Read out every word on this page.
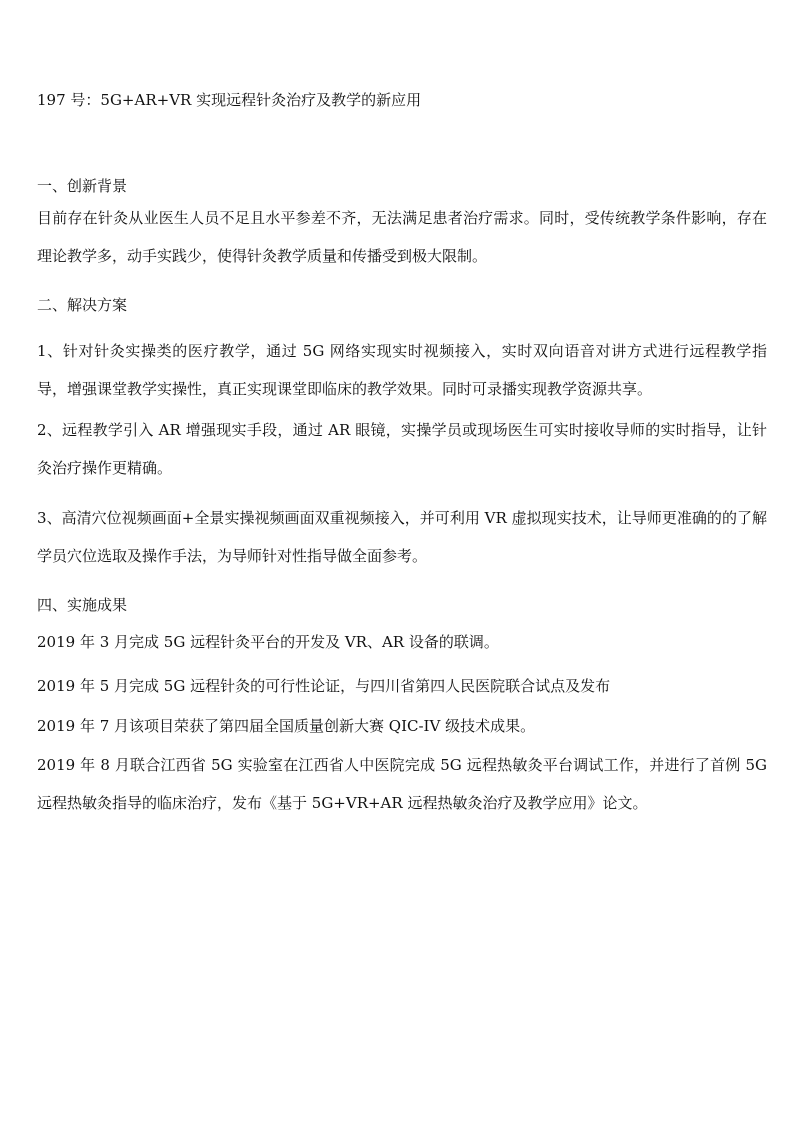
197 号：5G+AR+VR 实现远程针灸治疗及教学的新应用
一、创新背景

目前存在针灸从业医生人员不足且水平参差不齐，无法满足患者治疗需求。同时，受传统教学条件影响，存在理论教学多，动手实践少，使得针灸教学质量和传播受到极大限制。

二、解决方案

1、针对针灸实操类的医疗教学，通过 5G 网络实现实时视频接入，实时双向语音对讲方式进行远程教学指导，增强课堂教学实操性，真正实现课堂即临床的教学效果。同时可录播实现教学资源共享。

2、远程教学引入 AR 增强现实手段，通过 AR 眼镜，实操学员或现场医生可实时接收导师的实时指导，让针灸治疗操作更精确。

3、高清穴位视频画面+全景实操视频画面双重视频接入，并可利用 VR 虚拟现实技术，让导师更准确的的了解学员穴位选取及操作手法，为导师针对性指导做全面参考。

四、实施成果
2019 年 3 月完成 5G 远程针灸平台的开发及 VR、AR 设备的联调。
2019 年 5 月完成 5G 远程针灸的可行性论证，与四川省第四人民医院联合试点及发布
2019 年 7 月该项目荣获了第四届全国质量创新大赛 QIC-IV 级技术成果。

2019 年 8 月联合江西省 5G 实验室在江西省人中医院完成 5G 远程热敏灸平台调试工作，并进行了首例 5G 远程热敏灸指导的临床治疗，发布《基于 5G+VR+AR 远程热敏灸治疗及教学应用》论文。
